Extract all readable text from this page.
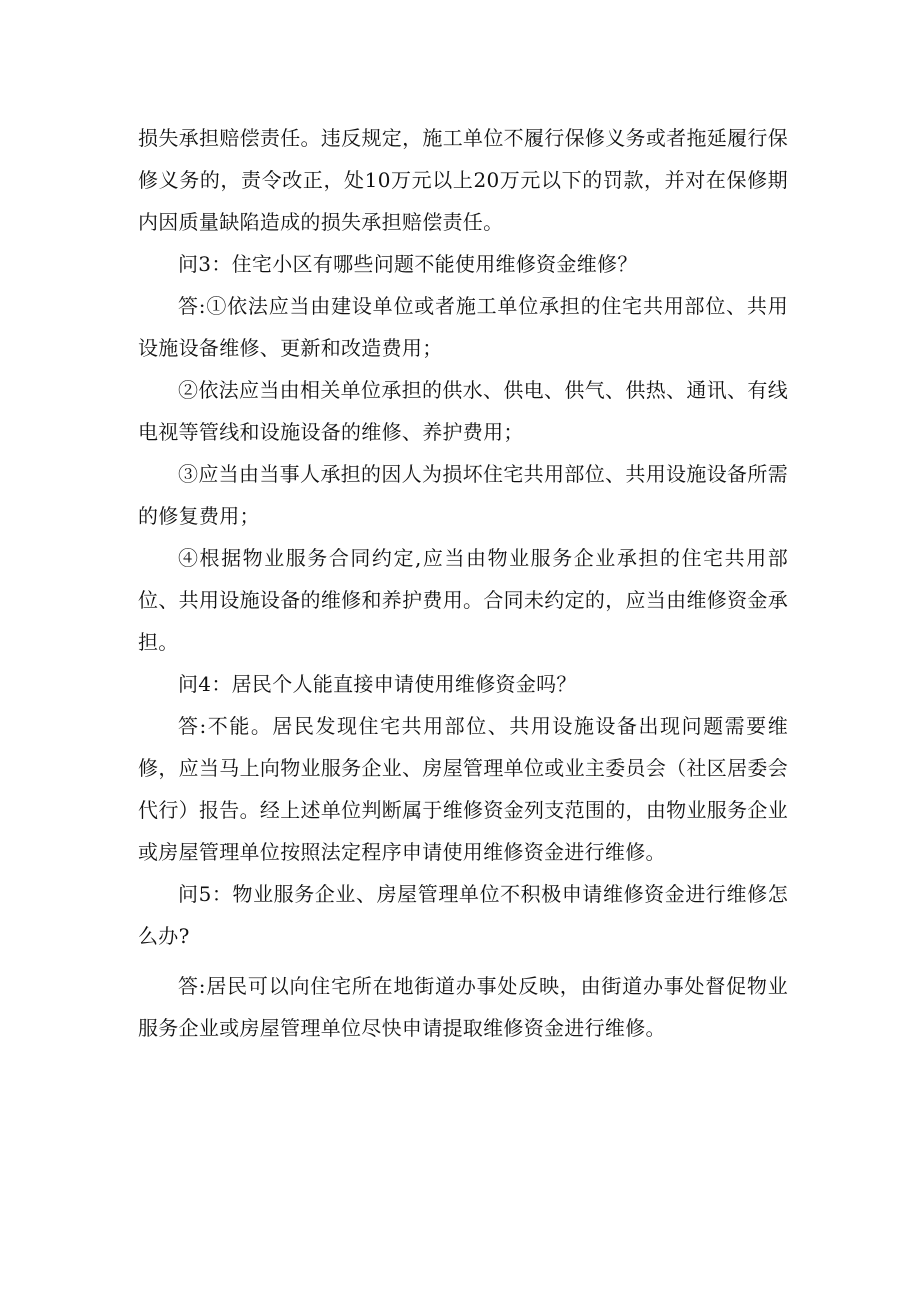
损失承担赔偿责任。违反规定，施工单位不履行保修义务或者拖延履行保修义务的，责令改正，处10万元以上20万元以下的罚款，并对在保修期内因质量缺陷造成的损失承担赔偿责任。

问3：住宅小区有哪些问题不能使用维修资金维修？

答:①依法应当由建设单位或者施工单位承担的住宅共用部位、共用设施设备维修、更新和改造费用；

②依法应当由相关单位承担的供水、供电、供气、供热、通讯、有线电视等管线和设施设备的维修、养护费用；

③应当由当事人承担的因人为损坏住宅共用部位、共用设施设备所需的修复费用；

④根据物业服务合同约定,应当由物业服务企业承担的住宅共用部位、共用设施设备的维修和养护费用。合同未约定的，应当由维修资金承担。

问4：居民个人能直接申请使用维修资金吗？

答:不能。居民发现住宅共用部位、共用设施设备出现问题需要维修，应当马上向物业服务企业、房屋管理单位或业主委员会（社区居委会代行）报告。经上述单位判断属于维修资金列支范围的，由物业服务企业或房屋管理单位按照法定程序申请使用维修资金进行维修。

问5：物业服务企业、房屋管理单位不积极申请维修资金进行维修怎么办?

答:居民可以向住宅所在地街道办事处反映，由街道办事处督促物业服务企业或房屋管理单位尽快申请提取维修资金进行维修。
